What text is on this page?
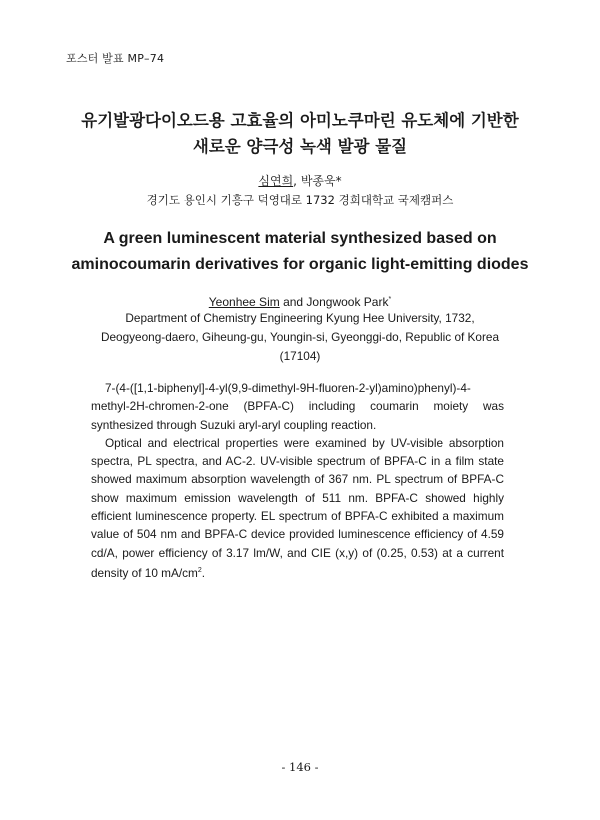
포스터 발표 MP–74
유기발광다이오드용 고효율의 아미노쿠마린 유도체에 기반한
새로운 양극성 녹색 발광 물질
심연희, 박종욱*
경기도 용인시 기흥구 덕영대로 1732 경희대학교 국제캠퍼스
A green luminescent material synthesized based on
aminocoumarin derivatives for organic light-emitting diodes
Yeonhee Sim and Jongwook Park*
Department of Chemistry Engineering Kyung Hee University, 1732,
Deogyeong-daero, Giheung-gu, Youngin-si, Gyeonggi-do, Republic of Korea
(17104)

7-(4-([1,1-biphenyl]-4-yl(9,9-dimethyl-9H-fluoren-2-yl)amino)phenyl)-4-methyl-2H-chromen-2-one (BPFA-C) including coumarin moiety was synthesized through Suzuki aryl-aryl coupling reaction.

Optical and electrical properties were examined by UV-visible absorption spectra, PL spectra, and AC-2. UV-visible spectrum of BPFA-C in a film state showed maximum absorption wavelength of 367 nm. PL spectrum of BPFA-C show maximum emission wavelength of 511 nm. BPFA-C showed highly efficient luminescence property. EL spectrum of BPFA-C exhibited a maximum value of 504 nm and BPFA-C device provided luminescence efficiency of 4.59 cd/A, power efficiency of 3.17 lm/W, and CIE (x,y) of (0.25, 0.53) at a current density of 10 $mA/cm^2$.

- 146 -
